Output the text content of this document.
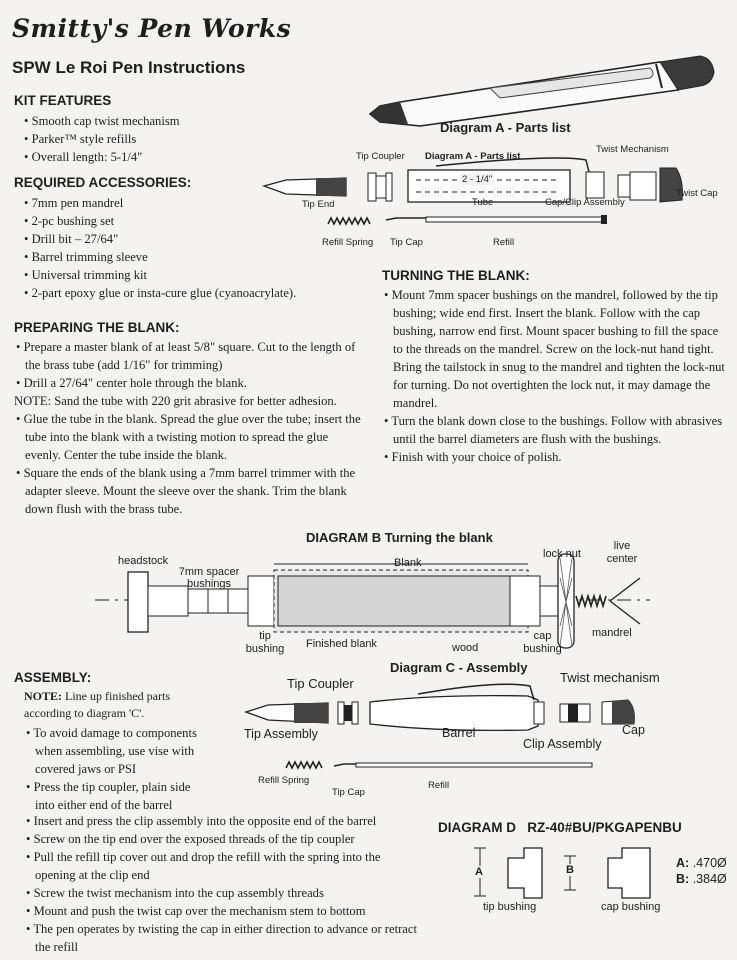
Smitty's Pen Works
SPW Le Roi Pen Instructions
KIT FEATURES
• Smooth cap twist mechanism
• Parker™ style refills
• Overall length: 5-1/4"
REQUIRED ACCESSORIES:
• 7mm pen mandrel
• 2-pc bushing set
• Drill bit – 27/64"
• Barrel trimming sleeve
• Universal trimming kit
• 2-part epoxy glue or insta-cure glue (cyanoacrylate).
PREPARING THE BLANK:
• Prepare a master blank of at least 5/8" square. Cut to the length of the brass tube (add 1/16" for trimming)
• Drill a 27/64" center hole through the blank.
NOTE: Sand the tube with 220 grit abrasive for better adhesion.
• Glue the tube in the blank. Spread the glue over the tube; insert the tube into the blank with a twisting motion to spread the glue evenly. Center the tube inside the blank.
• Square the ends of the blank using a 7mm barrel trimmer with the adapter sleeve. Mount the sleeve over the shank. Trim the blank down flush with the brass tube.
Diagram A - Parts list
Tip Coupler Diagram A - Parts list
Twist Mechanism
Tip End	Tube	Cap/Clip Assembly
Twist Cap
2 - 1/4"
Refill Spring Tip Cap	Refill
TURNING THE BLANK:
• Mount 7mm spacer bushings on the mandrel, followed by the tip bushing; wide end first. Insert the blank. Follow with the cap bushing, narrow end first. Mount spacer bushing to fill the space to the threads on the mandrel. Screw on the lock-nut hand tight. Bring the tailstock in snug to the mandrel and tighten the lock-nut for turning. Do not overtighten the lock nut, it may damage the mandrel.
• Turn the blank down close to the bushings. Follow with abrasives until the barrel diameters are flush with the bushings.
• Finish with your choice of polish.
DIAGRAM B Turning the blank
headstock
7mm spacer bushings
Blank
lock nut
live center
tip bushing Finished blank	wood
cap bushing
mandrel
ASSEMBLY:
NOTE: Line up finished parts according to diagram 'C'.
• To avoid damage to components when assembling, use vise with covered jaws or PSI
• Press the tip coupler, plain side into either end of the barrel
• Insert and press the clip assembly into the opposite end of the barrel
• Screw on the tip end over the exposed threads of the tip coupler
• Pull the refill tip cover out and drop the refill with the spring into the opening at the clip end
• Screw the twist mechanism into the cup assembly threads
• Mount and push the twist cap over the mechanism stem to bottom
• The pen operates by twisting the cap in either direction to advance or retract the refill
Diagram C - Assembly
Tip Coupler	Twist mechanism
Tip Assembly	Barrel	Cap
Clip Assembly
Refill Spring
Tip Cap
Refill
DIAGRAM D   RZ-40#BU/PKGAPENBU
A	B
tip bushing	cap bushing
A: .470Ø
B: .384Ø
